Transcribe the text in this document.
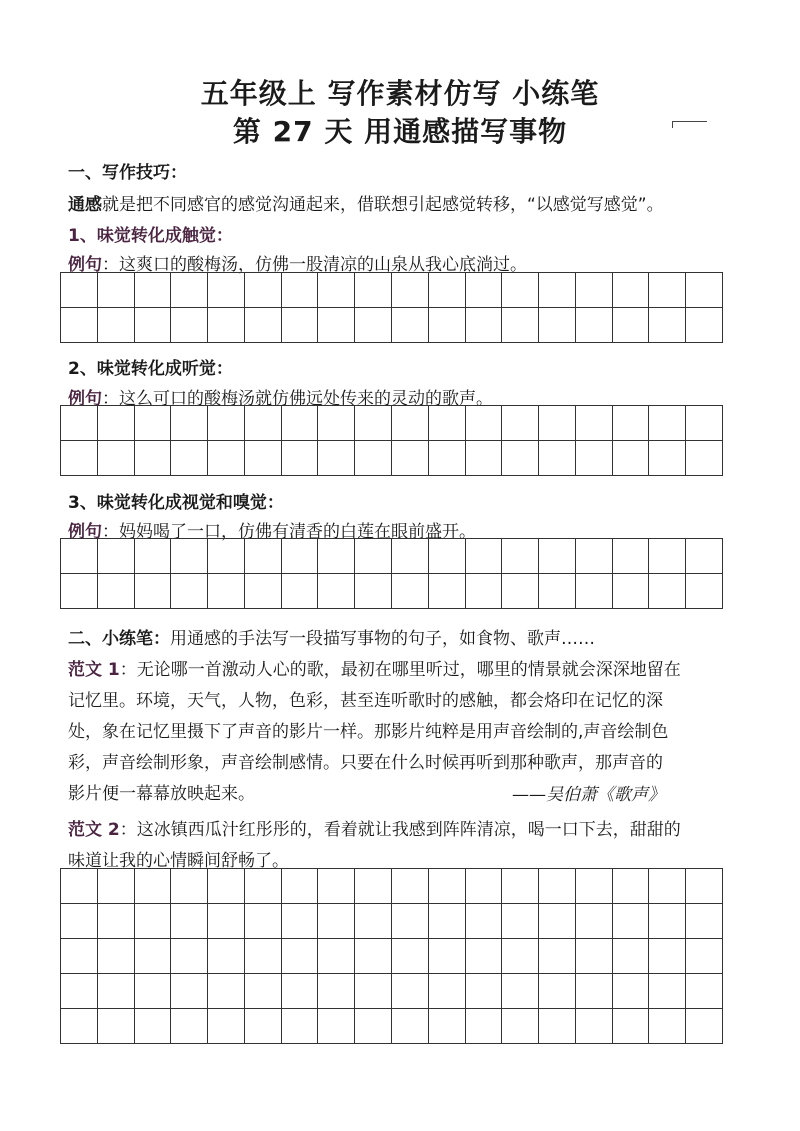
五年级上 写作素材仿写 小练笔
第 27 天 用通感描写事物
一、写作技巧：
通感就是把不同感官的感觉沟通起来，借联想引起感觉转移，“以感觉写感觉”。
1、味觉转化成触觉：
例句：这爽口的酸梅汤，仿佛一股清凉的山泉从我心底淌过。
2、味觉转化成听觉：
例句：这么可口的酸梅汤就仿佛远处传来的灵动的歌声。
3、味觉转化成视觉和嗅觉：
例句：妈妈喝了一口，仿佛有清香的白莲在眼前盛开。
二、小练笔：用通感的手法写一段描写事物的句子，如食物、歌声……
范文 1：无论哪一首激动人心的歌，最初在哪里听过，哪里的情景就会深深地留在
记忆里。环境，天气，人物，色彩，甚至连听歌时的感触，都会烙印在记忆的深
处，象在记忆里摄下了声音的影片一样。那影片纯粹是用声音绘制的,声音绘制色
彩，声音绘制形象，声音绘制感情。只要在什么时候再听到那种歌声，那声音的
影片便一幕幕放映起来。	——吴伯萧《歌声》
范文 2：这冰镇西瓜汁红彤彤的，看着就让我感到阵阵清凉，喝一口下去，甜甜的
味道让我的心情瞬间舒畅了。
